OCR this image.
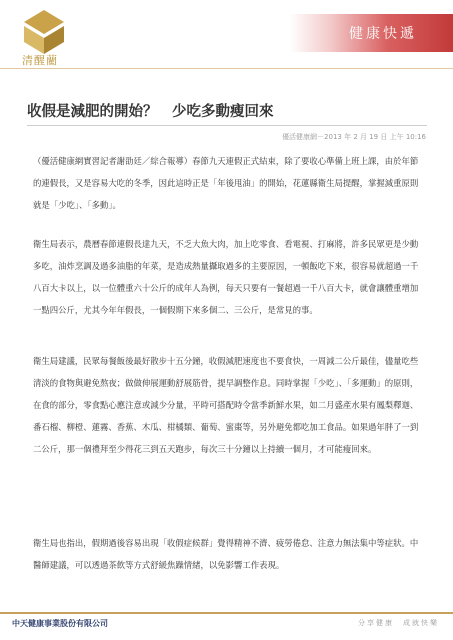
清醒藺
健康快遞
收假是減肥的開始？　少吃多動瘦回來
優活健康網－2013 年 2 月 19 日 上午 10:16
（優活健康網實習記者謝劭廷／綜合報導）春節九天連假正式結束，除了要收心準備上班上課，由於年節的連假長，又是容易大吃的冬季，因此這時正是「年後甩油」的開始，花蓮縣衛生局提醒，掌握減重原則就是「少吃」、「多動」。
衛生局表示，農曆春節連假長達九天，不乏大魚大肉，加上吃零食、看電視、打麻將，許多民眾更是少動多吃，油炸烹調及過多油脂的年菜，是造成熱量攝取過多的主要原因，一頓飯吃下來，很容易就超過一千八百大卡以上，以一位體重六十公斤的成年人為例，每天只要有一餐超過一千八百大卡，就會讓體重增加一點四公斤，尤其今年年假長，一個假期下來多個二、三公斤，是常見的事。
衛生局建議，民眾每餐飯後最好散步十五分鐘，收假減肥速度也不要食快，一周減二公斤最佳，儘量吃些清淡的食物與避免熬夜；做做伸展運動舒展筋骨，提早調整作息。同時掌握「少吃」、「多運動」的原則，在食的部分，零食點心應注意或減少分量，平時可搭配時令當季新鮮水果，如二月盛產水果有鳳梨釋迦、番石榴、柳橙、蓮霧、香蕉、木瓜、柑橘類、葡萄、蜜棗等，另外避免都吃加工食品。如果過年胖了一到二公斤，那一個禮拜至少得花三到五天跑步，每次三十分鐘以上持續一個月，才可能瘦回來。
衛生局也指出，假期過後容易出現「收假症候群」覺得精神不濟、疲勞倦怠、注意力無法集中等症狀。中醫師建議，可以透過茶飲等方式舒緩焦躁情緒，以免影響工作表現。
中天健康事業股份有限公司	分享健康　成就快樂
